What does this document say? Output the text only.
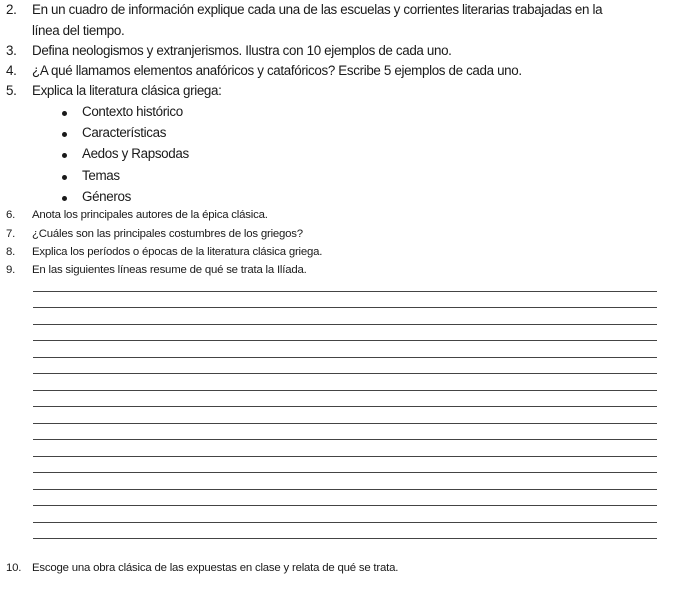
2. En un cuadro de información explique cada una de las escuelas y corrientes literarias trabajadas en la
línea del tiempo.
3. Defina neologismos y extranjerismos. Ilustra con 10 ejemplos de cada uno.
4. ¿A qué llamamos elementos anafóricos y catafóricos? Escribe 5 ejemplos de cada uno.
5. Explica la literatura clásica griega:
Contexto histórico
Características
Aedos y Rapsodas
Temas
Géneros
6. Anota los principales autores de la épica clásica.
7. ¿Cuáles son las principales costumbres de los griegos?
8. Explica los períodos o épocas de la literatura clásica griega.
9. En las siguientes líneas resume de qué se trata la Ilíada.
10. Escoge una obra clásica de las expuestas en clase y relata de qué se trata.
